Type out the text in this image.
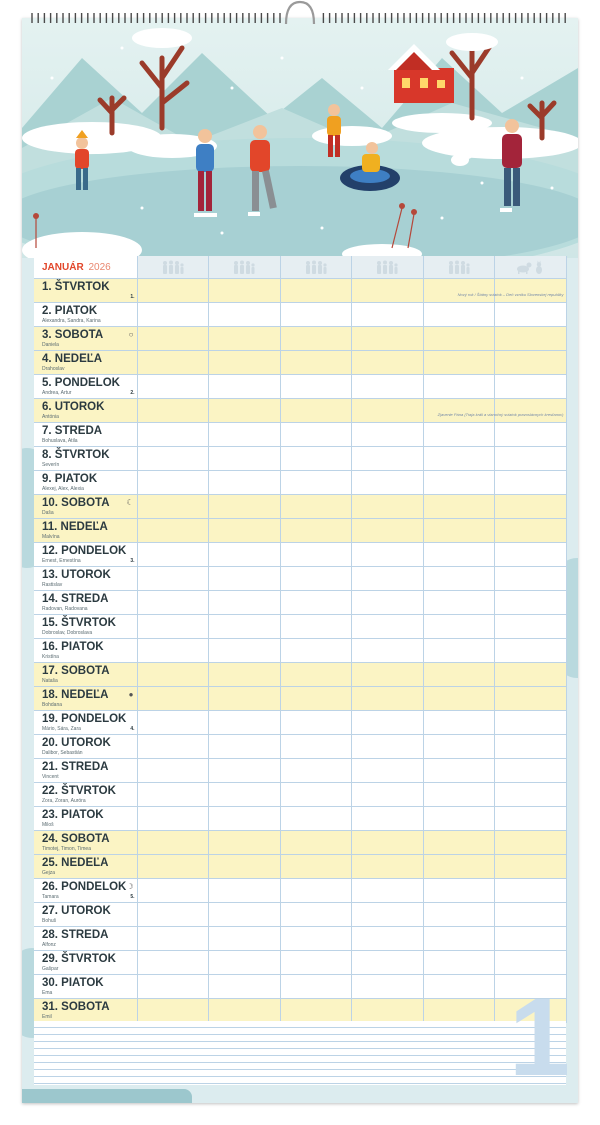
JANUÁR 2026	

1. ŠTVRTOK
1.						Nový rok / Štátny sviatok – Deň vzniku Slovenskej republiky

2. PIATOK
Alexandra, Sandra, Karina						

3. SOBOTA
Daniela
○						

4. NEDEĽA
Drahoslav						

5. PONDELOK
Andrea, Artur 2.						

6. UTOROK
Antónia						Zjavenie Pána (Traja králi a vianočný sviatok pravoslávnych kresťanov)

7. STREDA
Bohuslava, Atila						

8. ŠTVRTOK
Severín						

9. PIATOK
Alexej, Alex, Alexia						

10. SOBOTA
Daša
☾						

11. NEDEĽA
Malvína						

12. PONDELOK
Ernest, Ernestína 3.						

13. UTOROK
Rastislav						

14. STREDA
Radovan, Radovana						

15. ŠTVRTOK
Dobroslav, Dobroslava						

16. PIATOK
Kristína						

17. SOBOTA
Nataša						

18. NEDEĽA
Bohdana
●						

19. PONDELOK
Mário, Sára, Zara 4.						

20. UTOROK
Dalibor, Sebastián						

21. STREDA
Vincent						

22. ŠTVRTOK
Zora, Zoran, Auróra						

23. PIATOK
Miloš						

24. SOBOTA
Timotej, Timon, Timea						

25. NEDEĽA
Gejza						

26. PONDELOK
Tamara 5.
☽						

27. UTOROK
Bohuš						

28. STREDA
Alfonz						

29. ŠTVRTOK
Gašpar						

30. PIATOK
Ema						

31. SOBOTA
Emil						
							1
